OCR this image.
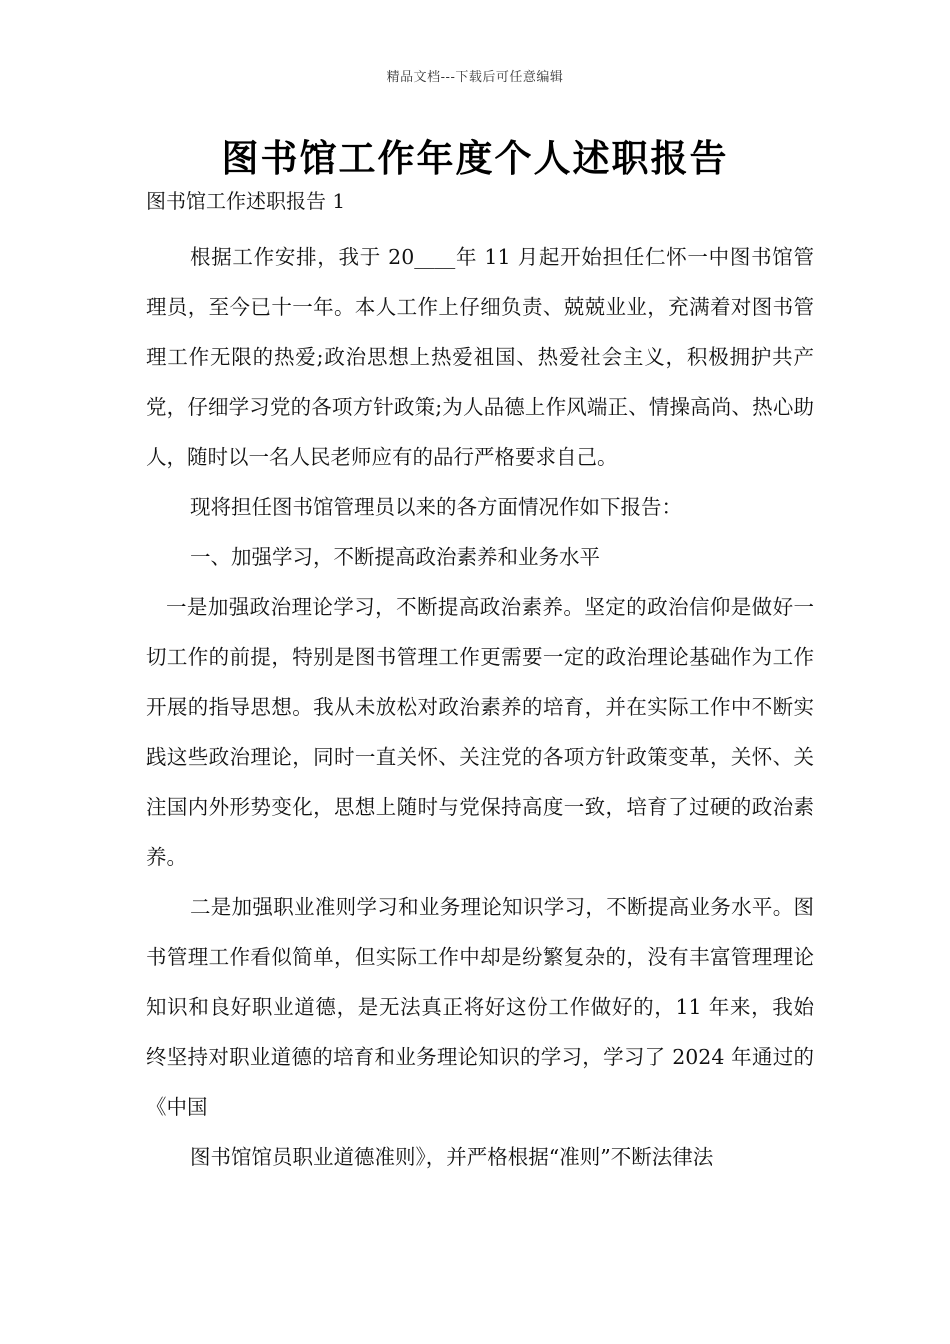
精品文档---下载后可任意编辑
图书馆工作年度个人述职报告

图书馆工作述职报告 1

根据工作安排，我于 20____年 11 月起开始担任仁怀一中图书馆管理员，至今已十一年。本人工作上仔细负责、兢兢业业，充满着对图书管理工作无限的热爱;政治思想上热爱祖国、热爱社会主义，积极拥护共产党，仔细学习党的各项方针政策;为人品德上作风端正、情操高尚、热心助人，随时以一名人民老师应有的品行严格要求自己。

现将担任图书馆管理员以来的各方面情况作如下报告：

一、加强学习，不断提高政治素养和业务水平

一是加强政治理论学习，不断提高政治素养。坚定的政治信仰是做好一切工作的前提，特别是图书管理工作更需要一定的政治理论基础作为工作开展的指导思想。我从未放松对政治素养的培育，并在实际工作中不断实践这些政治理论，同时一直关怀、关注党的各项方针政策变革，关怀、关注国内外形势变化，思想上随时与党保持高度一致，培育了过硬的政治素养。

二是加强职业准则学习和业务理论知识学习，不断提高业务水平。图书管理工作看似简单，但实际工作中却是纷繁复杂的，没有丰富管理理论知识和良好职业道德，是无法真正将好这份工作做好的，11 年来，我始终坚持对职业道德的培育和业务理论知识的学习，学习了 2024 年通过的《中国

图书馆馆员职业道德准则》，并严格根据“准则”不断法律法
